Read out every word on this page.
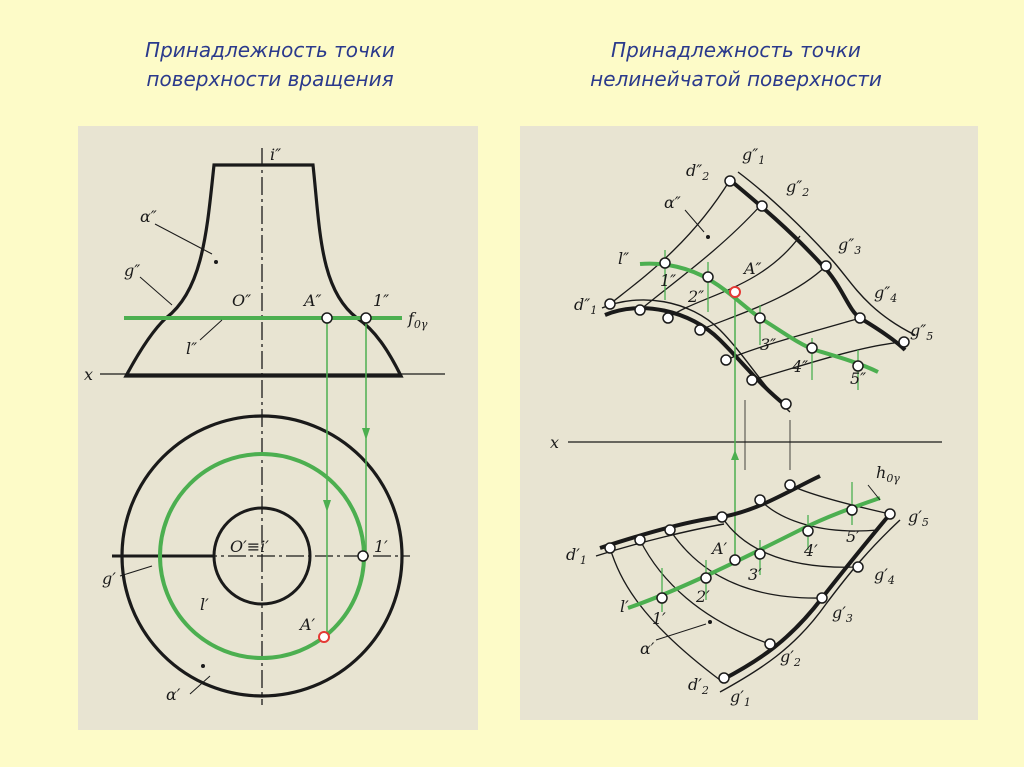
Принадлежность точки
поверхности вращения
Принадлежность точки
нелинейчатой поверхности
i″
α″
g″
O″	A″	1″
$f_{0\gamma}$
l″
x
O′≡i′	1′
g′
l′
A′
α′
$d''_2$
$g''_1$
$g''_2$
α″
$g''_3$
l″
1″
A″
2″	$g''_4$
$d''_1$
$g''_5$
3″
4″
5″
x
$h_{0\gamma}$
$g'_5$
5′
4′
A′
$d'_1$
3′	$g'_4$
2′
l′
1′	$g'_3$
α′	$g'_2$
$d'_2$ $g'_1$
